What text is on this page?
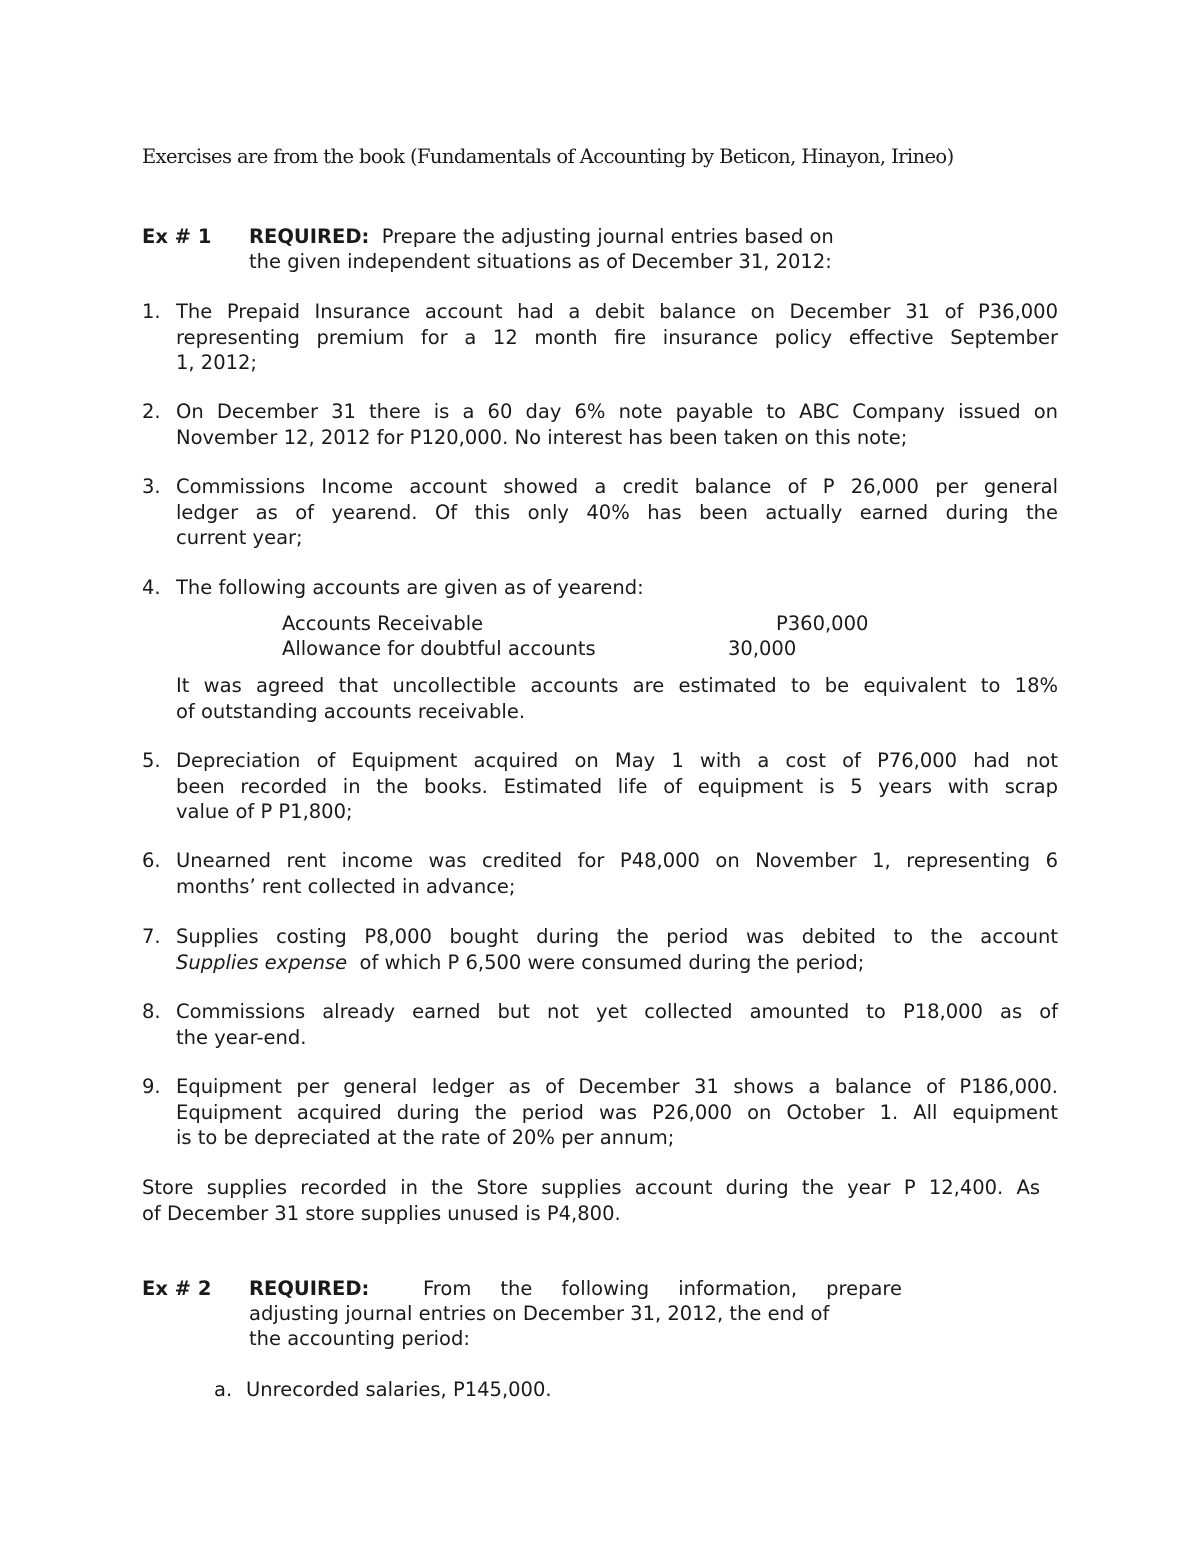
Exercises are from the book (Fundamentals of Accounting by Beticon, Hinayon, Irineo)
Ex # 1 REQUIRED: Prepare the adjusting journal entries based on
the given independent situations as of December 31, 2012:
1. The Prepaid Insurance account had a debit balance on December 31 of P36,000
representing premium for a 12 month fire insurance policy effective September
1, 2012;
2. On December 31 there is a 60 day 6% note payable to ABC Company issued on
November 12, 2012 for P120,000. No interest has been taken on this note;
3. Commissions Income account showed a credit balance of P 26,000 per general
ledger as of yearend. Of this only 40% has been actually earned during the
current year;
4. The following accounts are given as of yearend:
Accounts Receivable	P360,000
Allowance for doubtful accounts	30,000
It was agreed that uncollectible accounts are estimated to be equivalent to 18%
of outstanding accounts receivable.
5. Depreciation of Equipment acquired on May 1 with a cost of P76,000 had not
been recorded in the books. Estimated life of equipment is 5 years with scrap
value of P P1,800;
6. Unearned rent income was credited for P48,000 on November 1, representing 6
months’ rent collected in advance;
7. Supplies costing P8,000 bought during the period was debited to the account
Supplies expense  of which P 6,500 were consumed during the period;
8. Commissions already earned but not yet collected amounted to P18,000 as of
the year-end.
9. Equipment per general ledger as of December 31 shows a balance of P186,000.
Equipment acquired during the period was P26,000 on October 1. All equipment
is to be depreciated at the rate of 20% per annum;
Store supplies recorded in the Store supplies account during the year P 12,400. As
of December 31 store supplies unused is P4,800.
Ex # 2 REQUIRED:	From the following information, prepare
adjusting journal entries on December 31, 2012, the end of
the accounting period:
a. Unrecorded salaries, P145,000.
